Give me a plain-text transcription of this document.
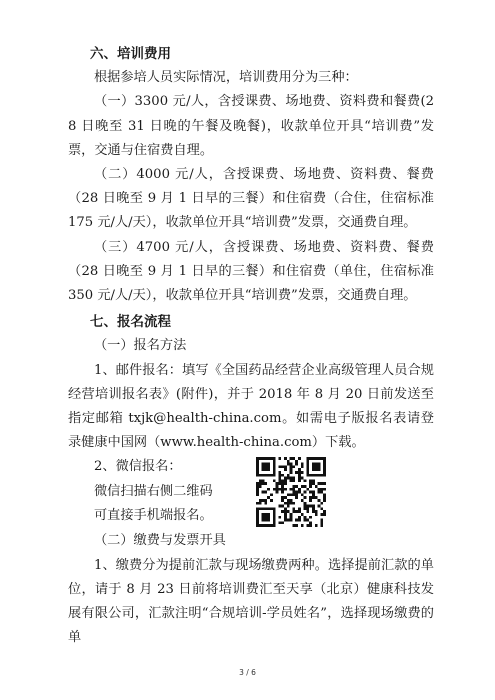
六、培训费用
根据参培人员实际情况，培训费用分为三种：
（一）3300 元/人，含授课费、场地费、资料费和餐费(28 日晚至 31 日晚的午餐及晚餐)，收款单位开具“培训费”发票，交通与住宿费自理。
（二）4000 元/人，含授课费、场地费、资料费、餐费（28 日晚至 9 月 1 日早的三餐）和住宿费（合住，住宿标准 175 元/人/天），收款单位开具“培训费”发票，交通费自理。
（三）4700 元/人，含授课费、场地费、资料费、餐费（28 日晚至 9 月 1 日早的三餐）和住宿费（单住，住宿标准 350 元/人/天），收款单位开具“培训费”发票，交通费自理。
七、报名流程
（一）报名方法
1、邮件报名：填写《全国药品经营企业高级管理人员合规经营培训报名表》(附件)，并于 2018 年 8 月 20 日前发送至指定邮箱 txjk@health-china.com。如需电子版报名表请登录健康中国网（www.health-china.com）下载。
2、微信报名：
微信扫描右侧二维码
可直接手机端报名。
（二）缴费与发票开具
1、缴费分为提前汇款与现场缴费两种。选择提前汇款的单位，请于 8 月 23 日前将培训费汇至天享（北京）健康科技发展有限公司，汇款注明“合规培训-学员姓名”，选择现场缴费的单
3 / 6
